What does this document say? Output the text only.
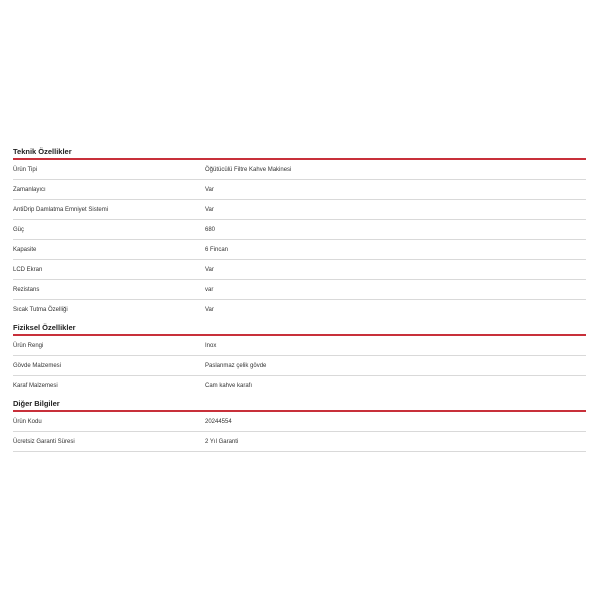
Teknik Özellikler
Ürün Tipi	Öğütücülü Filtre Kahve Makinesi
Zamanlayıcı	Var
AntiDrip Damlatma Emniyet Sistemi	Var
Güç	680
Kapasite	6 Fincan
LCD Ekran	Var
Rezistans	var
Sıcak Tutma Özelliği	Var
Fiziksel Özellikler
Ürün Rengi	Inox
Gövde Malzemesi	Paslanmaz çelik gövde
Karaf Malzemesi	Cam kahve karafı
Diğer Bilgiler
Ürün Kodu	20244554
Ücretsiz Garanti Süresi	2 Yıl Garanti
